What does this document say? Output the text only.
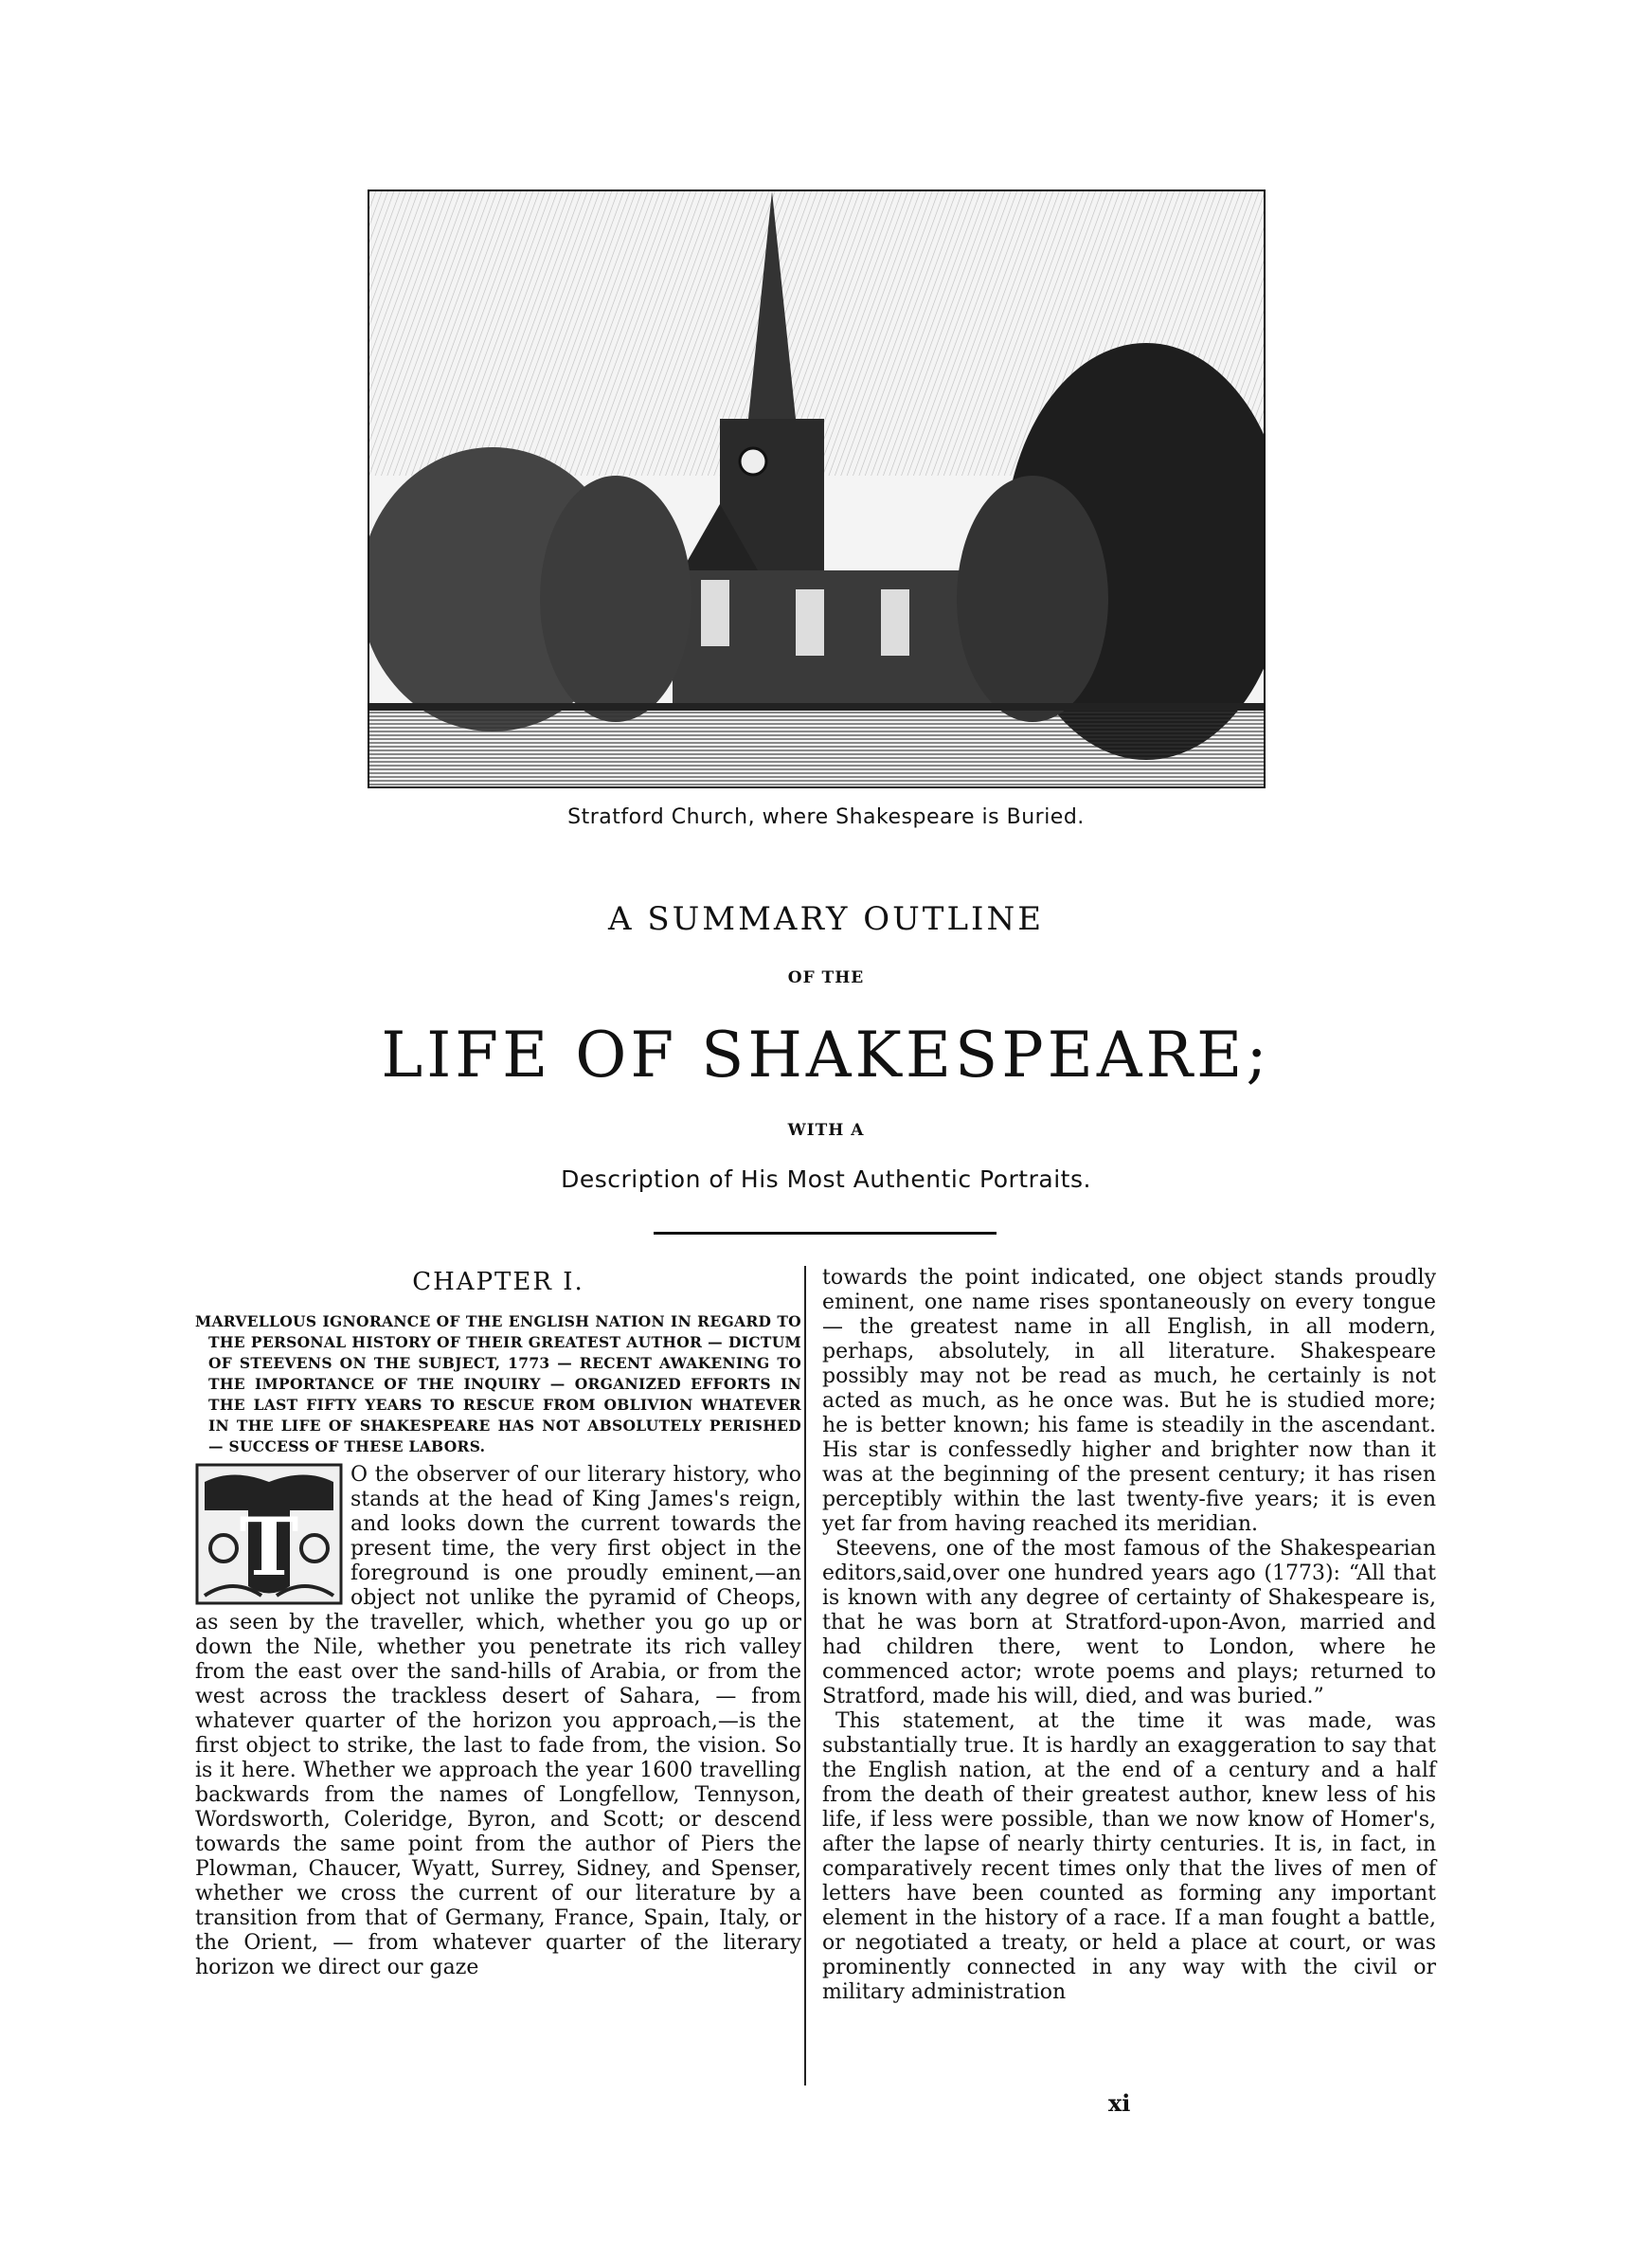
Stratford Church, where Shakespeare is Buried.
A SUMMARY OUTLINE
OF THE
LIFE OF SHAKESPEARE;
WITH A
Description of His Most Authentic Portraits.
CHAPTER I.
MARVELLOUS IGNORANCE OF THE ENGLISH NATION IN REGARD TO THE PERSONAL HISTORY OF THEIR GREATEST AUTHOR — DICTUM OF STEEVENS ON THE SUBJECT, 1773 — RECENT AWAKENING TO THE IMPORTANCE OF THE INQUIRY — ORGANIZED EFFORTS IN THE LAST FIFTY YEARS TO RESCUE FROM OBLIVION WHATEVER IN THE LIFE OF SHAKESPEARE HAS NOT ABSOLUTELY PERISHED — SUCCESS OF THESE LABORS.
T

O the observer of our literary history, who stands at the head of King James's reign, and looks down the current towards the present time, the very first object in the foreground is one proudly eminent,—an object not unlike the pyramid of Cheops, as seen by the traveller, which, whether you go up or down the Nile, whether you penetrate its rich valley from the east over the sand-hills of Arabia, or from the west across the trackless desert of Sahara, — from whatever quarter of the horizon you approach,—is the first object to strike, the last to fade from, the vision. So is it here. Whether we approach the year 1600 travelling backwards from the names of Longfellow, Tennyson, Wordsworth, Coleridge, Byron, and Scott; or descend towards the same point from the author of Piers the Plowman, Chaucer, Wyatt, Surrey, Sidney, and Spenser, whether we cross the current of our literature by a transition from that of Germany, France, Spain, Italy, or the Orient, — from whatever quarter of the literary horizon we direct our gaze

towards the point indicated, one object stands proudly eminent, one name rises spontaneously on every tongue — the greatest name in all English, in all modern, perhaps, absolutely, in all literature. Shakespeare possibly may not be read as much, he certainly is not acted as much, as he once was. But he is studied more; he is better known; his fame is steadily in the ascendant. His star is confessedly higher and brighter now than it was at the beginning of the present century; it has risen perceptibly within the last twenty-five years; it is even yet far from having reached its meridian.

Steevens, one of the most famous of the Shakespearian editors,said,over one hundred years ago (1773): “All that is known with any degree of certainty of Shakespeare is, that he was born at Stratford-upon-Avon, married and had children there, went to London, where he commenced actor; wrote poems and plays; returned to Stratford, made his will, died, and was buried.”

This statement, at the time it was made, was substantially true. It is hardly an exaggeration to say that the English nation, at the end of a century and a half from the death of their greatest author, knew less of his life, if less were possible, than we now know of Homer's, after the lapse of nearly thirty centuries. It is, in fact, in comparatively recent times only that the lives of men of letters have been counted as forming any important element in the history of a race. If a man fought a battle, or negotiated a treaty, or held a place at court, or was prominently connected in any way with the civil or military administration

xi
